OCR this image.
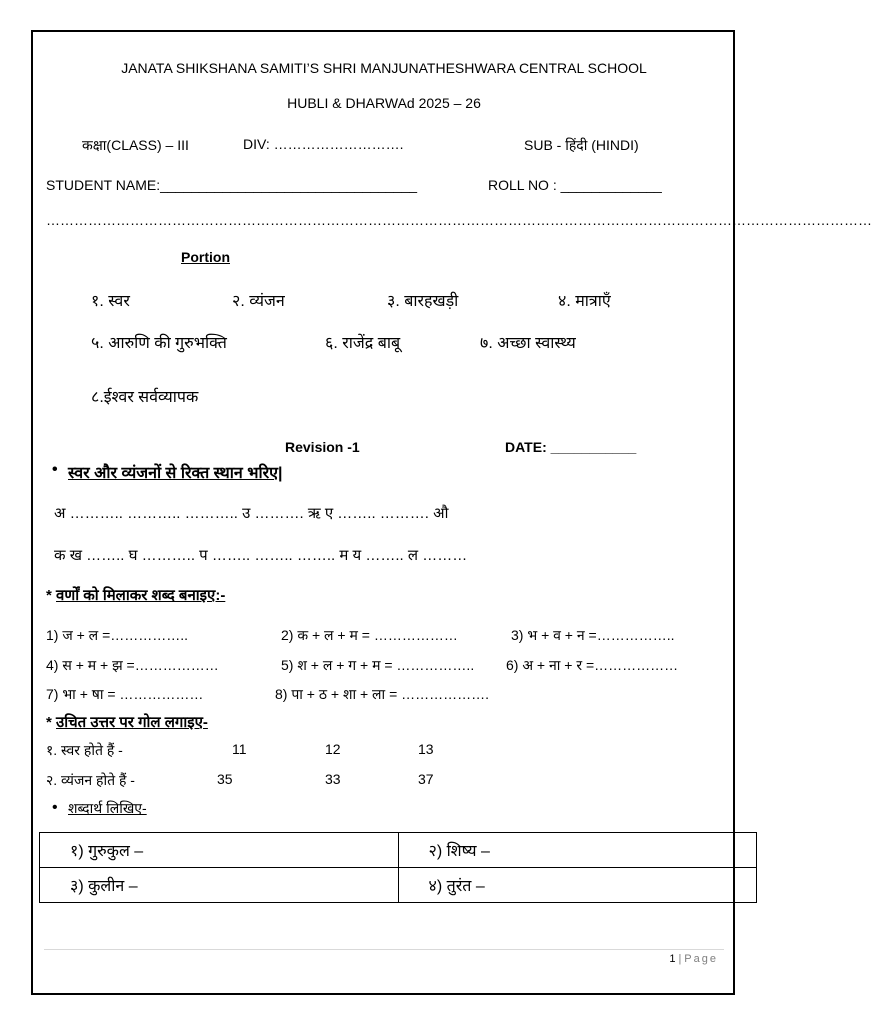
JANATA SHIKSHANA SAMITI’S SHRI MANJUNATHESHWARA CENTRAL SCHOOL
HUBLI & DHARWAd 2025 – 26
कक्षा(CLASS) – III	DIV: ……………………….	SUB - हिंदी (HINDI)
STUDENT NAME:_________________________________	ROLL NO : _____________
……………………………………………………………………………………………………………………………………………………………
Portion
१. स्वर	२. व्यंजन	३. बारहखड़ी	४. मात्राएँ
५. आरुणि की गुरुभक्ति	६. राजेंद्र बाबू	७. अच्छा स्वास्थ्य
८.ईश्वर सर्वव्यापक
Revision -1	DATE: ___________
• स्वर और व्यंजनों से रिक्त स्थान भरिए|
अ ……….. ……….. ……….. उ ………. ऋ ए …….. ………. औ
क ख …….. घ ……….. प …….. …….. …….. म य …….. ल ………
* वर्णों को मिलाकर शब्द बनाइए:-
1) ज + ल =……………..	2) क + ल + म = ………………	3) भ + व + न =……………..
4) स + म + झ =………………	5) श + ल + ग + म = …………….. 6) अ + ना + र =………………
7) भा + षा = ………………	8) पा + ठ + शा + ला = ……………….
* उचित उत्तर पर गोल लगाइए-
१. स्वर होते हैं -	11	12	13
२. व्यंजन होते हैं -	35	33	37
• शब्दार्थ लिखिए-
१) गुरुकुल –	२) शिष्य –
३) कुलीन –	४) तुरंत –
1 | Page
